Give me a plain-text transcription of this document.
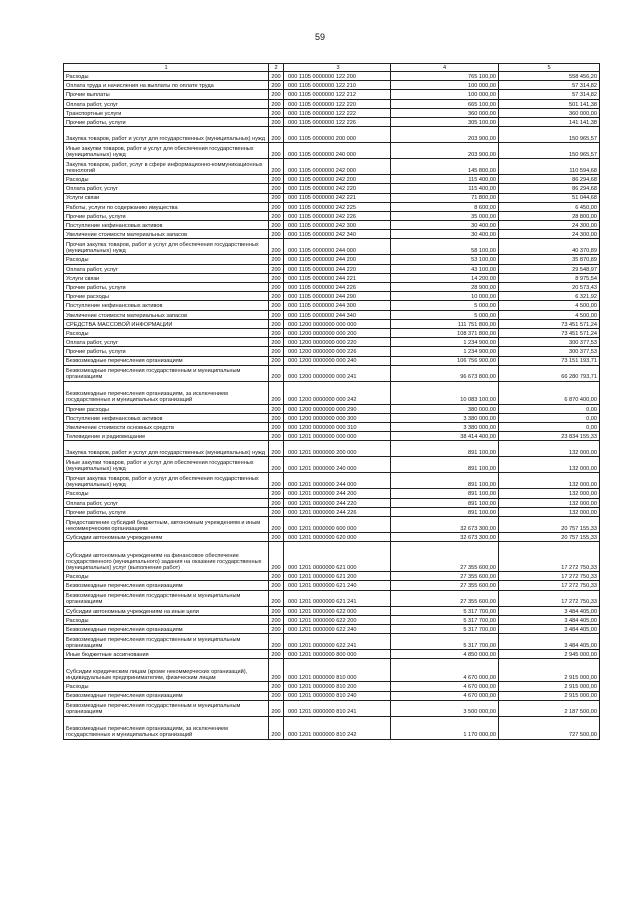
59
1	2	3	4	5
Расходы	200	000 1105 0000000 122 200	765 100,00	558 456,20
Оплата труда и начисления на выплаты по оплате труда	200	000 1105 0000000 122 210	100 000,00	57 314,82
Прочие выплаты	200	000 1105 0000000 122 212	100 000,00	57 314,82
Оплата работ, услуг	200	000 1105 0000000 122 220	665 100,00	501 141,38
Транспортные услуги	200	000 1105 0000000 122 222	360 000,00	360 000,00
Прочие работы, услуги	200	000 1105 0000000 122 226	305 100,00	141 141,38
Закупка товаров, работ и услуг для государственных (муниципальных) нужд	200	000 1105 0000000 200 000	203 900,00	150 965,57
Иные закупки товаров, работ и услуг для обеспечения государственных (муниципальных) нужд	200	000 1105 0000000 240 000	203 900,00	150 965,57
Закупка товаров, работ, услуг в сфере информационно-коммуникационных технологий	200	000 1105 0000000 242 000	145 800,00	110 594,68
Расходы	200	000 1105 0000000 242 200	115 400,00	86 294,68
Оплата работ, услуг	200	000 1105 0000000 242 220	115 400,00	86 294,68
Услуги связи	200	000 1105 0000000 242 221	71 800,00	51 044,68
Работы, услуги по содержанию имущества	200	000 1105 0000000 242 225	8 600,00	6 450,00
Прочие работы, услуги	200	000 1105 0000000 242 226	35 000,00	28 800,00
Поступление нефинансовых активов	200	000 1105 0000000 242 300	30 400,00	24 300,00
Увеличение стоимости материальных запасов	200	000 1105 0000000 242 340	30 400,00	24 300,00
Прочая закупка товаров, работ и услуг для обеспечения государственных (муниципальных) нужд	200	000 1105 0000000 244 000	58 100,00	40 370,89
Расходы	200	000 1105 0000000 244 200	53 100,00	35 870,89
Оплата работ, услуг	200	000 1105 0000000 244 220	43 100,00	29 548,97
Услуги связи	200	000 1105 0000000 244 221	14 200,00	8 975,54
Прочие работы, услуги	200	000 1105 0000000 244 226	28 900,00	20 573,43
Прочие расходы	200	000 1105 0000000 244 290	10 000,00	6 321,92
Поступление нефинансовых активов	200	000 1105 0000000 244 300	5 000,00	4 500,00
Увеличение стоимости материальных запасов	200	000 1105 0000000 244 340	5 000,00	4 500,00
СРЕДСТВА МАССОВОЙ ИНФОРМАЦИИ	200	000 1200 0000000 000 000	111 751 800,00	73 451 571,24
Расходы	200	000 1200 0000000 000 200	108 371 800,00	73 451 571,24
Оплата работ, услуг	200	000 1200 0000000 000 220	1 234 900,00	300 377,53
Прочие работы, услуги	200	000 1200 0000000 000 226	1 234 900,00	300 377,53
Безвозмездные перечисления организациям	200	000 1200 0000000 000 240	106 756 900,00	73 151 193,71
Безвозмездные перечисления государственным и муниципальным организациям	200	000 1200 0000000 000 241	96 673 800,00	66 280 793,71
Безвозмездные перечисления организациям, за исключением государственных и муниципальных организаций	200	000 1200 0000000 000 242	10 083 100,00	6 870 400,00
Прочие расходы	200	000 1200 0000000 000 290	380 000,00	0,00
Поступление нефинансовых активов	200	000 1200 0000000 000 300	3 380 000,00	0,00
Увеличение стоимости основных средств	200	000 1200 0000000 000 310	3 380 000,00	0,00
Телевидение и радиовещание	200	000 1201 0000000 000 000	38 414 400,00	23 834 155,33
Закупка товаров, работ и услуг для государственных (муниципальных) нужд	200	000 1201 0000000 200 000	891 100,00	132 000,00
Иные закупки товаров, работ и услуг для обеспечения государственных (муниципальных) нужд	200	000 1201 0000000 240 000	891 100,00	132 000,00
Прочая закупка товаров, работ и услуг для обеспечения государственных (муниципальных) нужд	200	000 1201 0000000 244 000	891 100,00	132 000,00
Расходы	200	000 1201 0000000 244 200	891 100,00	132 000,00
Оплата работ, услуг	200	000 1201 0000000 244 220	891 100,00	132 000,00
Прочие работы, услуги	200	000 1201 0000000 244 226	891 100,00	132 000,00
Предоставление субсидий бюджетным, автономным учреждениям и иным некоммерческим организациям	200	000 1201 0000000 600 000	32 673 300,00	20 757 155,33
Субсидии автономным учреждениям	200	000 1201 0000000 620 000	32 673 300,00	20 757 155,33
Субсидии автономным учреждениям на финансовое обеспечение государственного (муниципального) задания на оказание государственных (муниципальных) услуг (выполнение работ)	200	000 1201 0000000 621 000	27 355 600,00	17 272 750,33
Расходы	200	000 1201 0000000 621 200	27 355 600,00	17 272 750,33
Безвозмездные перечисления организациям	200	000 1201 0000000 621 240	27 355 600,00	17 272 750,33
Безвозмездные перечисления государственным и муниципальным организациям	200	000 1201 0000000 621 241	27 355 600,00	17 272 750,33
Субсидии автономным учреждениям на иные цели	200	000 1201 0000000 622 000	5 317 700,00	3 484 405,00
Расходы	200	000 1201 0000000 622 200	5 317 700,00	3 484 405,00
Безвозмездные перечисления организациям	200	000 1201 0000000 622 240	5 317 700,00	3 484 405,00
Безвозмездные перечисления государственным и муниципальным организациям	200	000 1201 0000000 622 241	5 317 700,00	3 484 405,00
Иные бюджетные ассигнования	200	000 1201 0000000 800 000	4 850 000,00	2 945 000,00
Субсидии юридическим лицам (кроме некоммерческих организаций), индивидуальным предпринимателям, физическим лицам	200	000 1201 0000000 810 000	4 670 000,00	2 915 000,00
Расходы	200	000 1201 0000000 810 200	4 670 000,00	2 915 000,00
Безвозмездные перечисления организациям	200	000 1201 0000000 810 240	4 670 000,00	2 915 000,00
Безвозмездные перечисления государственным и муниципальным организациям	200	000 1201 0000000 810 241	3 500 000,00	2 187 500,00
Безвозмездные перечисления организациям, за исключением государственных и муниципальных организаций	200	000 1201 0000000 810 242	1 170 000,00	727 500,00
